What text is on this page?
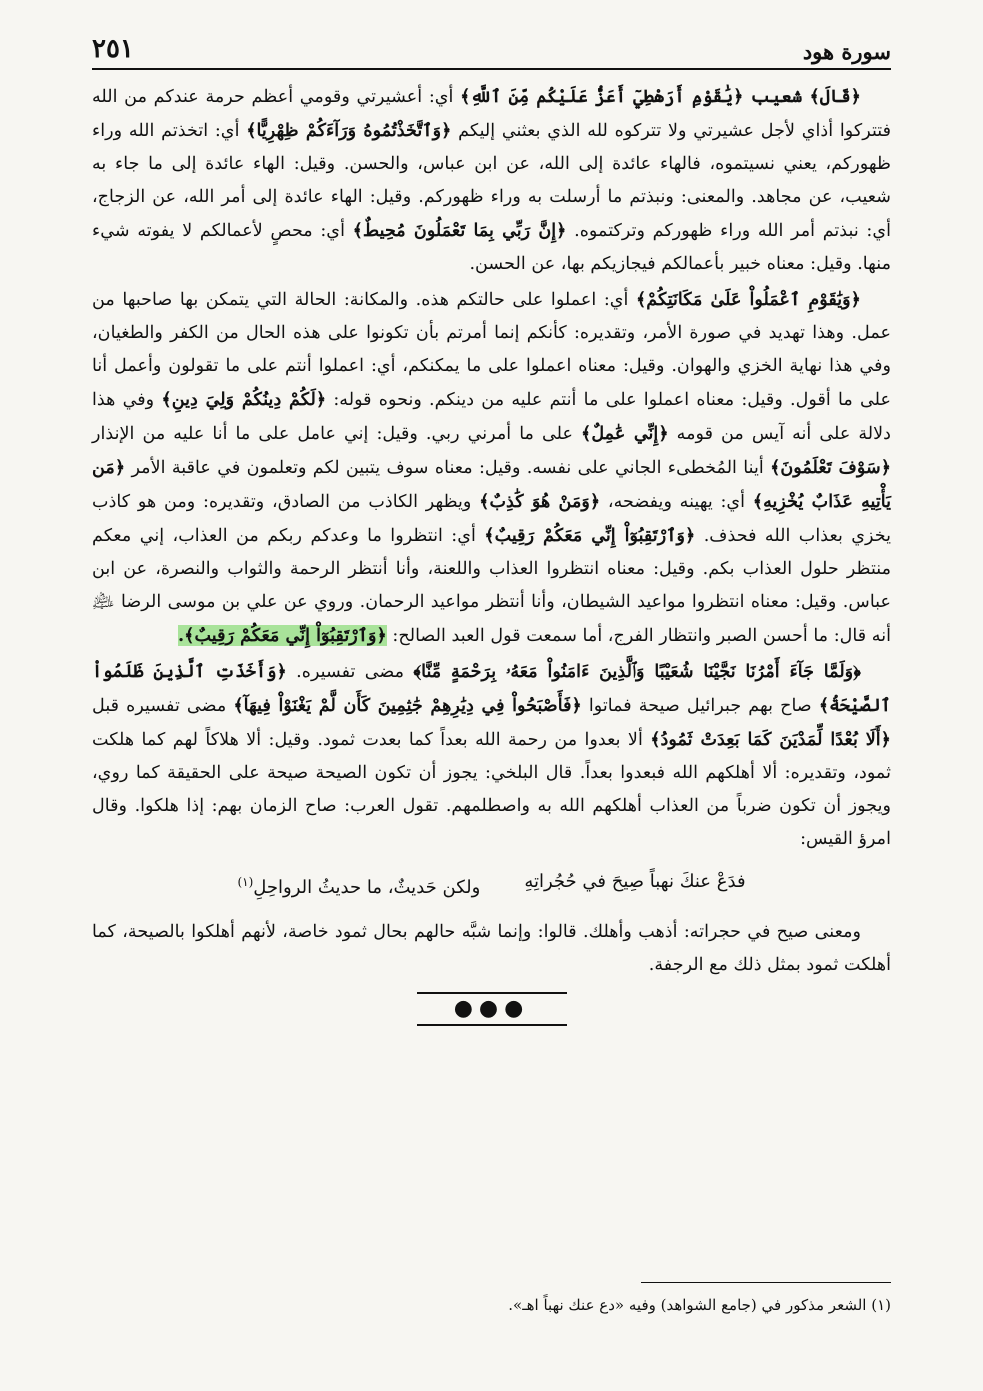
سورة هود
٢٥١

﴿قَالَ﴾ شعيب ﴿يَٰقَوْمِ أَرَهْطِيٓ أَعَزُّ عَلَيْكُم مِّنَ ٱللَّهِ﴾ أي: أعشيرتي وقومي أعظم حرمة عندكم من الله فتتركوا أذاي لأجل عشيرتي ولا تتركوه لله الذي بعثني إليكم ﴿وَٱتَّخَذْتُمُوهُ وَرَآءَكُمْ ظِهْرِيًّا﴾ أي: اتخذتم الله وراء ظهوركم، يعني نسيتموه، فالهاء عائدة إلى الله، عن ابن عباس، والحسن. وقيل: الهاء عائدة إلى ما جاء به شعيب، عن مجاهد. والمعنى: ونبذتم ما أرسلت به وراء ظهوركم. وقيل: الهاء عائدة إلى أمر الله، عن الزجاج، أي: نبذتم أمر الله وراء ظهوركم وتركتموه. ﴿إِنَّ رَبِّي بِمَا تَعْمَلُونَ مُحِيطٌ﴾ أي: محصٍ لأعمالكم لا يفوته شيء منها. وقيل: معناه خبير بأعمالكم فيجازيكم بها، عن الحسن.

﴿وَيَٰقَوْمِ ٱعْمَلُواْ عَلَىٰ مَكَانَتِكُمْ﴾ أي: اعملوا على حالتكم هذه. والمكانة: الحالة التي يتمكن بها صاحبها من عمل. وهذا تهديد في صورة الأمر، وتقديره: كأنكم إنما أمرتم بأن تكونوا على هذه الحال من الكفر والطغيان، وفي هذا نهاية الخزي والهوان. وقيل: معناه اعملوا على ما يمكنكم، أي: اعملوا أنتم على ما تقولون وأعمل أنا على ما أقول. وقيل: معناه اعملوا على ما أنتم عليه من دينكم. ونحوه قوله: ﴿لَكُمْ دِينُكُمْ وَلِيَ دِينِ﴾ وفي هذا دلالة على أنه آيس من قومه ﴿إِنِّي عَٰمِلٌ﴾ على ما أمرني ربي. وقيل: إني عامل على ما أنا عليه من الإنذار ﴿سَوْفَ تَعْلَمُونَ﴾ أينا المُخطىء الجاني على نفسه. وقيل: معناه سوف يتبين لكم وتعلمون في عاقبة الأمر ﴿مَن يَأْتِيهِ عَذَابٌ يُخْزِيهِ﴾ أي: يهينه ويفضحه، ﴿وَمَنْ هُوَ كَٰذِبٌ﴾ ويظهر الكاذب من الصادق، وتقديره: ومن هو كاذب يخزي بعذاب الله فحذف. ﴿وَٱرْتَقِبُوٓاْ إِنِّي مَعَكُمْ رَقِيبٌ﴾ أي: انتظروا ما وعدكم ربكم من العذاب، إني معكم منتظر حلول العذاب بكم. وقيل: معناه انتظروا العذاب واللعنة، وأنا أنتظر الرحمة والثواب والنصرة، عن ابن عباس. وقيل: معناه انتظروا مواعيد الشيطان، وأنا أنتظر مواعيد الرحمان. وروي عن علي بن موسى الرضا ﵇ أنه قال: ما أحسن الصبر وانتظار الفرج، أما سمعت قول العبد الصالح: ﴿وَٱرْتَقِبُوٓاْ إِنِّي مَعَكُمْ رَقِيبٌ﴾.

﴿وَلَمَّا جَآءَ أَمْرُنَا نَجَّيْنَا شُعَيْبًا وَٱلَّذِينَ ءَامَنُواْ مَعَهُۥ بِرَحْمَةٍ مِّنَّا﴾ مضى تفسيره. ﴿وَأَخَذَتِ ٱلَّذِينَ ظَلَمُواْ ٱلصَّيْحَةُ﴾ صاح بهم جبرائيل صيحة فماتوا ﴿فَأَصْبَحُواْ فِي دِيَٰرِهِمْ جَٰثِمِينَ كَأَن لَّمْ يَغْنَوْاْ فِيهَآ﴾ مضى تفسيره قبل ﴿أَلَا بُعْدًا لِّمَدْيَنَ كَمَا بَعِدَتْ ثَمُودُ﴾ ألا بعدوا من رحمة الله بعداً كما بعدت ثمود. وقيل: ألا هلاكاً لهم كما هلكت ثمود، وتقديره: ألا أهلكهم الله فبعدوا بعداً. قال البلخي: يجوز أن تكون الصيحة صيحة على الحقيقة كما روي، ويجوز أن تكون ضرباً من العذاب أهلكهم الله به واصطلمهم. تقول العرب: صاح الزمان بهم: إذا هلكوا. وقال امرؤ القيس:

فدَعْ عنكَ نهباً صِيحَ في حُجُراتِهِ
ولكن حَديثٌ، ما حديثُ الرواحِلِ$^{(١)}$

ومعنى صيح في حجراته: أذهب وأهلك. قالوا: وإنما شبَّه حالهم بحال ثمود خاصة، لأنهم أهلكوا بالصيحة، كما أهلكت ثمود بمثل ذلك مع الرجفة.

●●●
(١) الشعر مذكور في (جامع الشواهد) وفيه «دع عنك نهباً اهـ».
